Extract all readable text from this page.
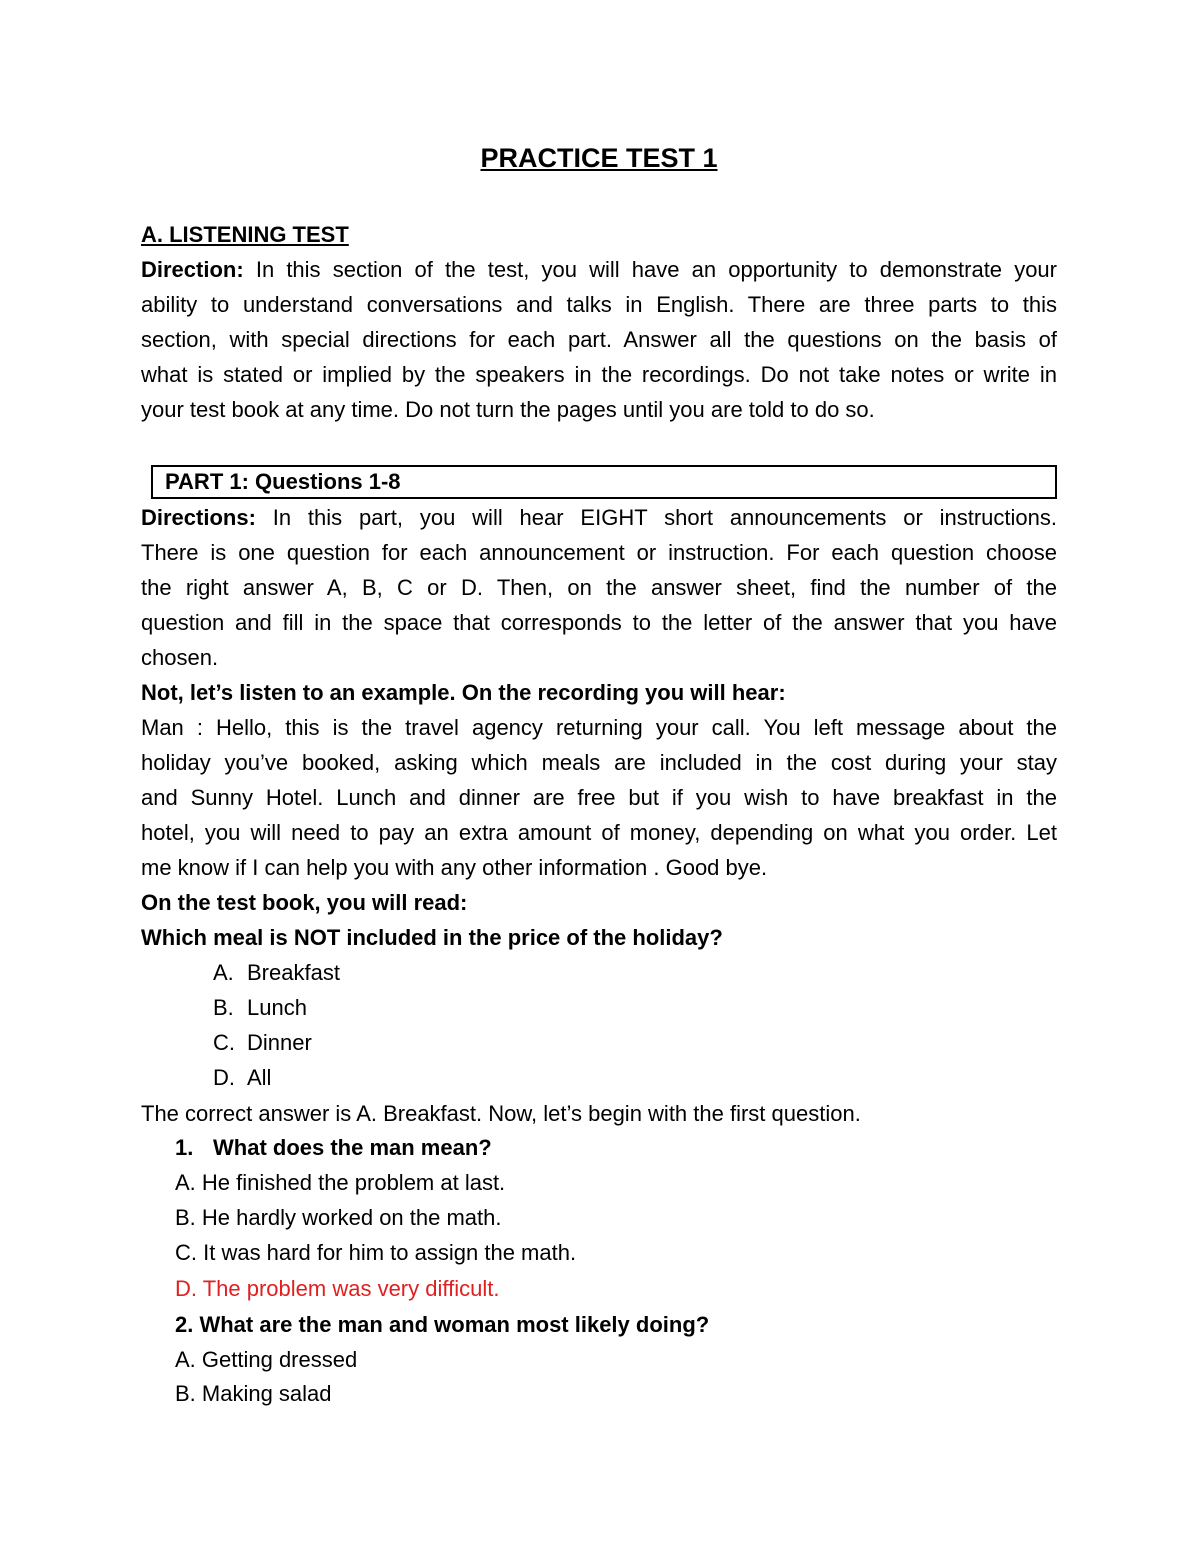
PRACTICE TEST 1
A. LISTENING TEST
Direction: In this section of the test, you will have an opportunity to demonstrate your
ability to understand conversations and talks in English. There are three parts to this
section, with special directions for each part. Answer all the questions on the basis of
what is stated or implied by the speakers in the recordings. Do not take notes or write in
your test book at any time. Do not turn the pages until you are told to do so.
PART 1: Questions 1-8
Directions: In this part, you will hear EIGHT short announcements or instructions.
There is one question for each announcement or instruction. For each question choose
the right answer A, B, C or D. Then, on the answer sheet, find the number of the
question and fill in the space that corresponds to the letter of the answer that you have
chosen.
Not, let’s listen to an example. On the recording you will hear:
Man : Hello, this is the travel agency returning your call. You left message about the
holiday you’ve booked, asking which meals are included in the cost during your stay
and Sunny Hotel. Lunch and dinner are free but if you wish to have breakfast in the
hotel, you will need to pay an extra amount of money, depending on what you order. Let
me know if I can help you with any other information . Good bye.
On the test book, you will read:
Which meal is NOT included in the price of the holiday?
A. Breakfast
B. Lunch
C. Dinner
D. All
The correct answer is A. Breakfast. Now, let’s begin with the first question.
1. What does the man mean?
A. He finished the problem at last.
B. He hardly worked on the math.
C. It was hard for him to assign the math.
D. The problem was very difficult.
2. What are the man and woman most likely doing?
A. Getting dressed
B. Making salad
